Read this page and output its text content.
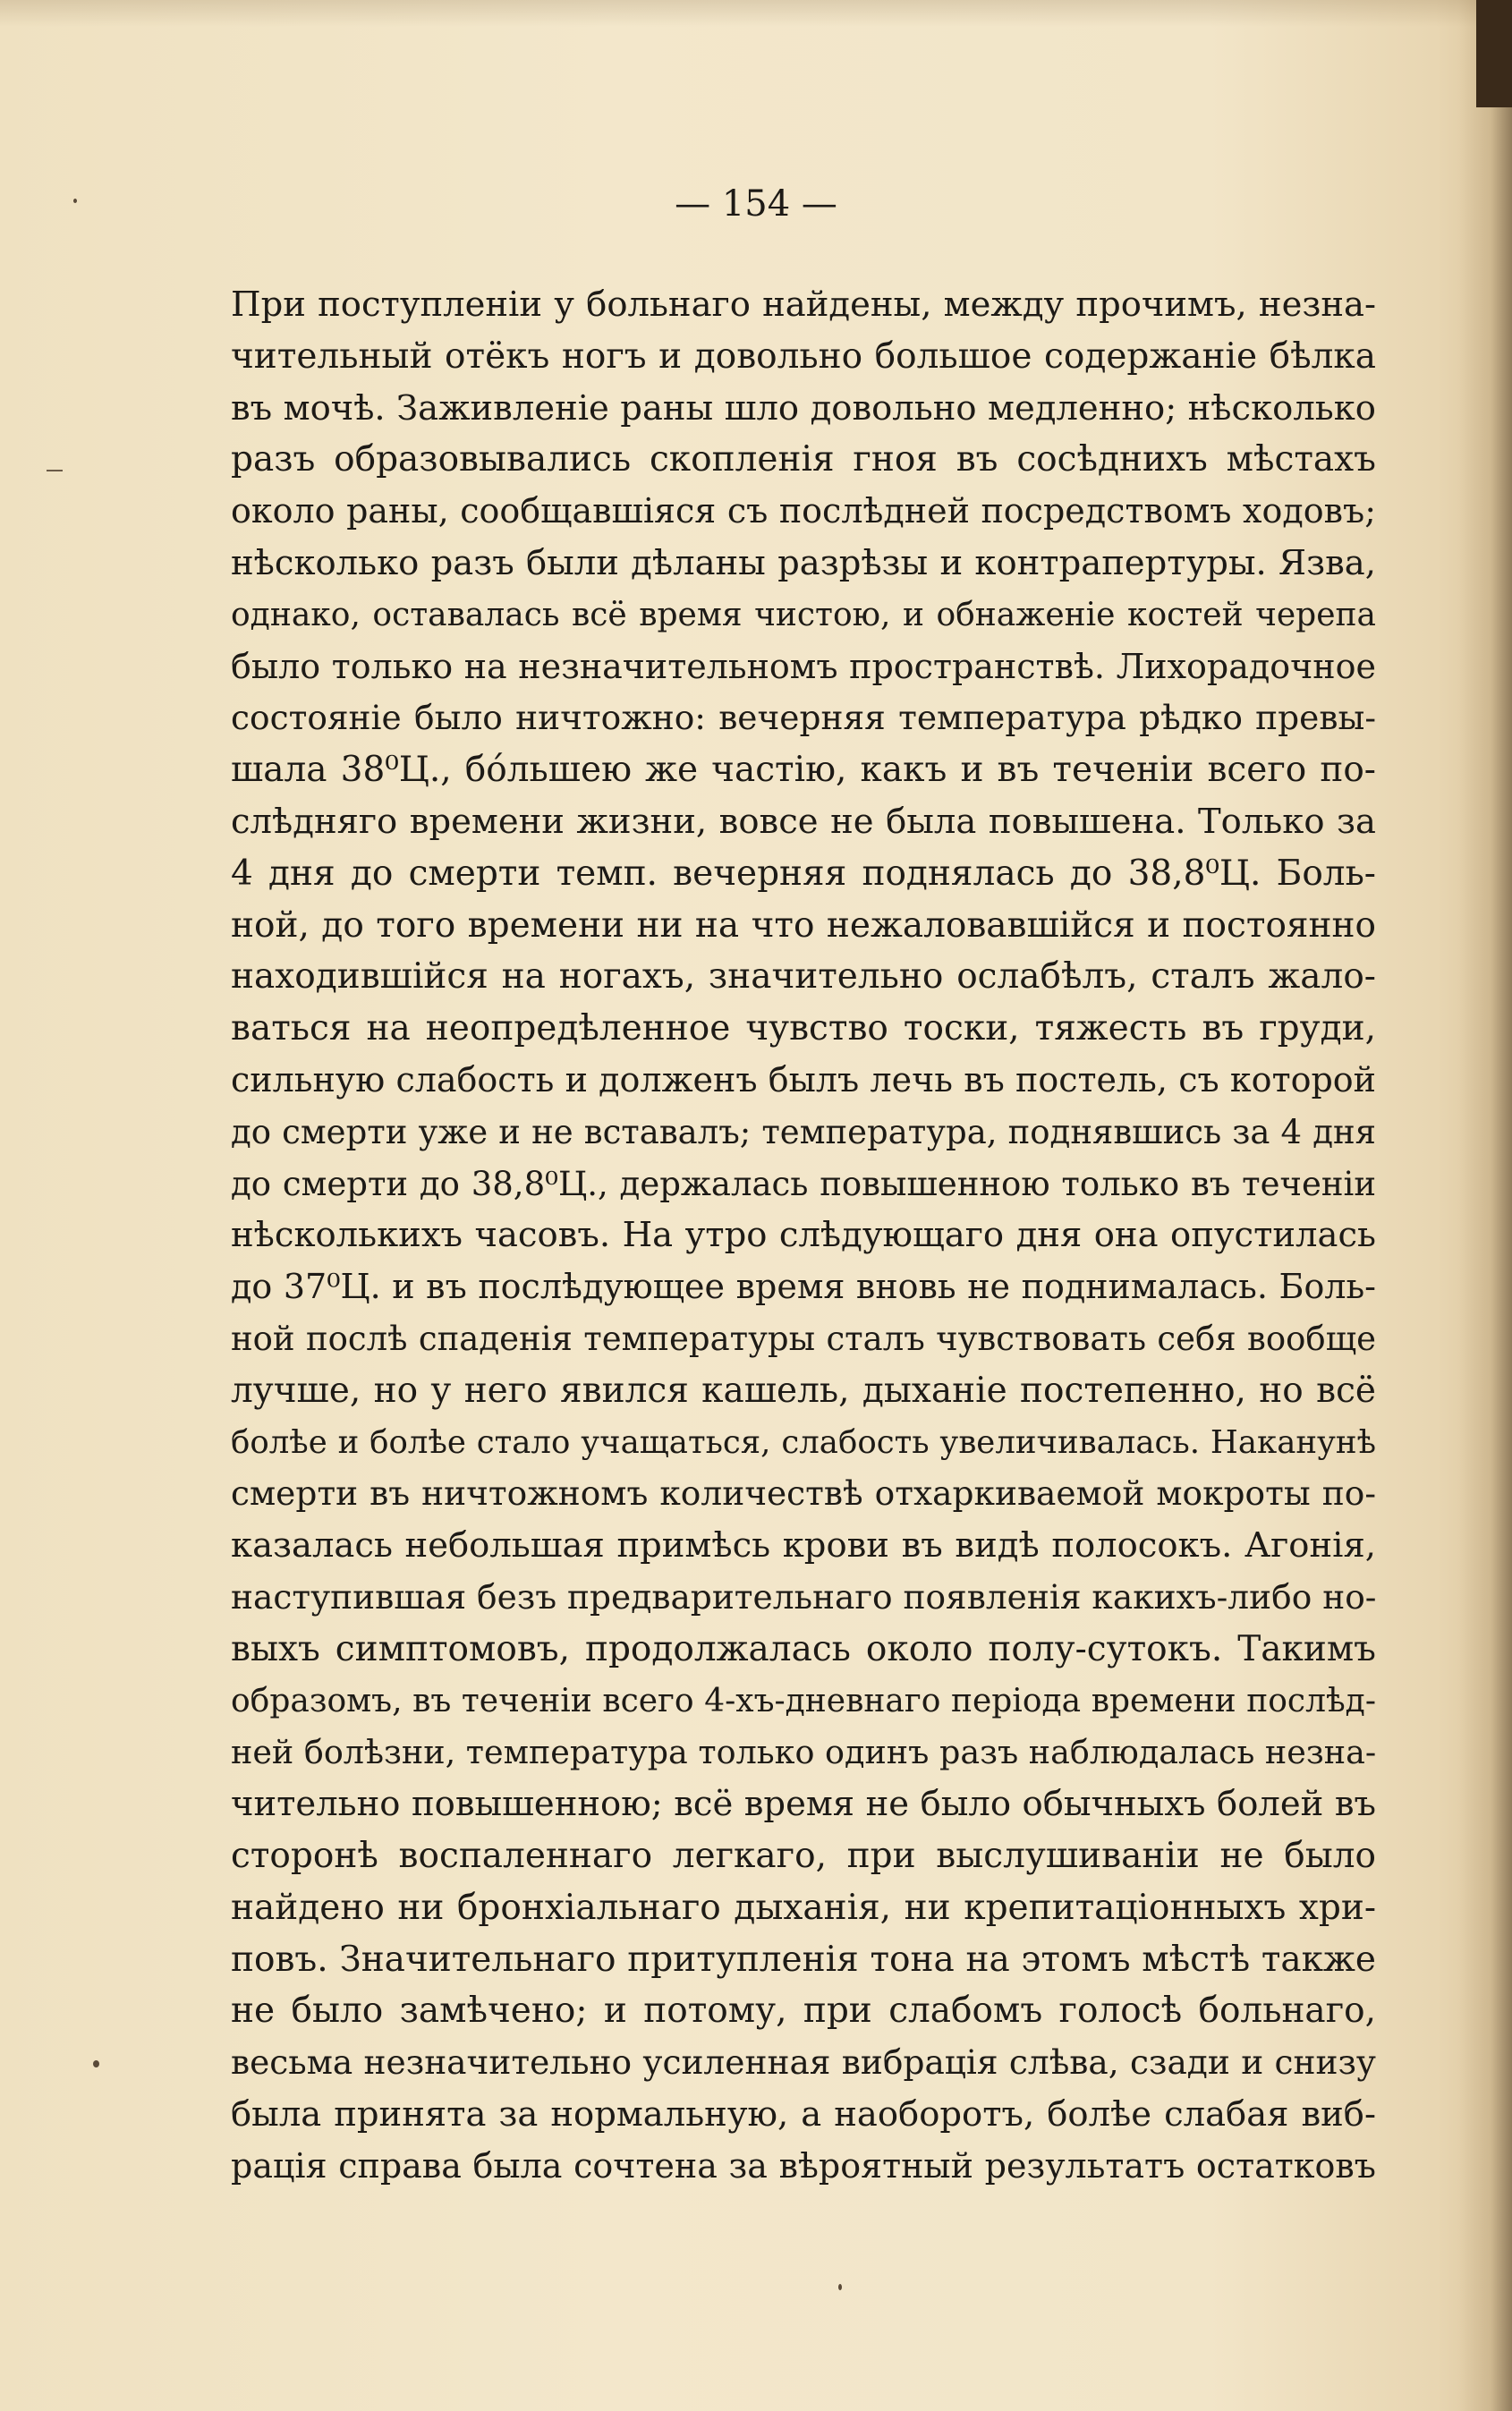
— 154 —
При поступленіи у больнаго найдены, между прочимъ, незна-
чительный отёкъ ногъ и довольно большое содержаніе бѣлка
въ мочѣ. Заживленіе раны шло довольно медленно; нѣсколько
разъ образовывались скопленія гноя въ сосѣднихъ мѣстахъ
около раны, сообщавшіяся съ послѣдней посредствомъ ходовъ;
нѣсколько разъ были дѣланы разрѣзы и контрапертуры. Язва,
однако, оставалась всё время чистою, и обнаженіе костей черепа
было только на незначительномъ пространствѣ. Лихорадочное
состояніе было ничтожно: вечерняя температура рѣдко превы-
шала 38⁰Ц., бо́льшею же частію, какъ и въ теченіи всего по-
слѣдняго времени жизни, вовсе не была повышена. Только за
4 дня до смерти темп. вечерняя поднялась до 38,8⁰Ц. Боль-
ной, до того времени ни на что нежаловавшійся и постоянно
находившійся на ногахъ, значительно ослабѣлъ, сталъ жало-
ваться на неопредѣленное чувство тоски, тяжесть въ груди,
сильную слабость и долженъ былъ лечь въ постель, съ которой
до смерти уже и не вставалъ; температура, поднявшись за 4 дня
до смерти до 38,8⁰Ц., держалась повышенною только въ теченіи
нѣсколькихъ часовъ. На утро слѣдующаго дня она опустилась
до 37⁰Ц. и въ послѣдующее время вновь не поднималась. Боль-
ной послѣ спаденія температуры сталъ чувствовать себя вообще
лучше, но у него явился кашель, дыханіе постепенно, но всё
болѣе и болѣе стало учащаться, слабость увеличивалась. Наканунѣ
смерти въ ничтожномъ количествѣ отхаркиваемой мокроты по-
казалась небольшая примѣсь крови въ видѣ полосокъ. Агонія,
наступившая безъ предварительнаго появленія какихъ-либо но-
выхъ симптомовъ, продолжалась около полу-сутокъ. Такимъ
образомъ, въ теченіи всего 4-хъ-дневнаго періода времени послѣд-
ней болѣзни, температура только одинъ разъ наблюдалась незна-
чительно повышенною; всё время не было обычныхъ болей въ
сторонѣ воспаленнаго легкаго, при выслушиваніи не было
найдено ни бронхіальнаго дыханія, ни крепитаціонныхъ хри-
повъ. Значительнаго притупленія тона на этомъ мѣстѣ также
не было замѣчено; и потому, при слабомъ голосѣ больнаго,
весьма незначительно усиленная вибрація слѣва, сзади и снизу
была принята за нормальную, а наоборотъ, болѣе слабая виб-
рація справа была сочтена за вѣроятный результатъ остатковъ
